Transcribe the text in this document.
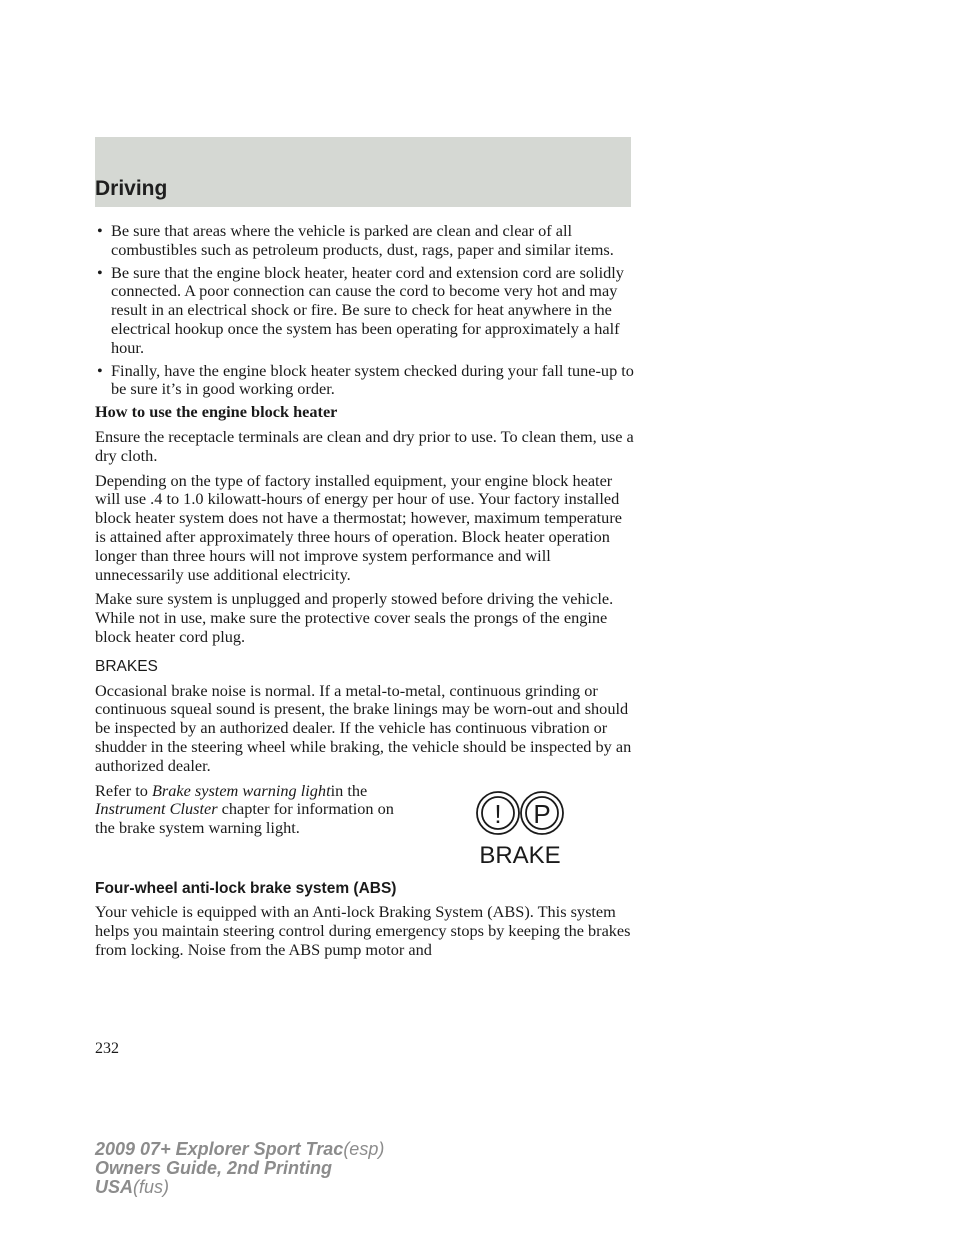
Driving
• Be sure that areas where the vehicle is parked are clean and clear of all combustibles such as petroleum products, dust, rags, paper and similar items.
• Be sure that the engine block heater, heater cord and extension cord are solidly connected. A poor connection can cause the cord to become very hot and may result in an electrical shock or fire. Be sure to check for heat anywhere in the electrical hookup once the system has been operating for approximately a half hour.
• Finally, have the engine block heater system checked during your fall tune-up to be sure it’s in good working order.
How to use the engine block heater

Ensure the receptacle terminals are clean and dry prior to use. To clean them, use a dry cloth.

Depending on the type of factory installed equipment, your engine block heater will use .4 to 1.0 kilowatt-hours of energy per hour of use. Your factory installed block heater system does not have a thermostat; however, maximum temperature is attained after approximately three hours of operation. Block heater operation longer than three hours will not improve system performance and will unnecessarily use additional electricity.

Make sure system is unplugged and properly stowed before driving the vehicle. While not in use, make sure the protective cover seals the prongs of the engine block heater cord plug.

BRAKES

Occasional brake noise is normal. If a metal-to-metal, continuous grinding or continuous squeal sound is present, the brake linings may be worn-out and should be inspected by an authorized dealer. If the vehicle has continuous vibration or shudder in the steering wheel while braking, the vehicle should be inspected by an authorized dealer.

Refer to Brake system warning lightin the Instrument Cluster chapter for information on the brake system warning light.	! P
BRAKE
Four-wheel anti-lock brake system (ABS)

Your vehicle is equipped with an Anti-lock Braking System (ABS). This system helps you maintain steering control during emergency stops by keeping the brakes from locking. Noise from the ABS pump motor and

232
2009 07+ Explorer Sport Trac(esp)
Owners Guide, 2nd Printing
USA(fus)
